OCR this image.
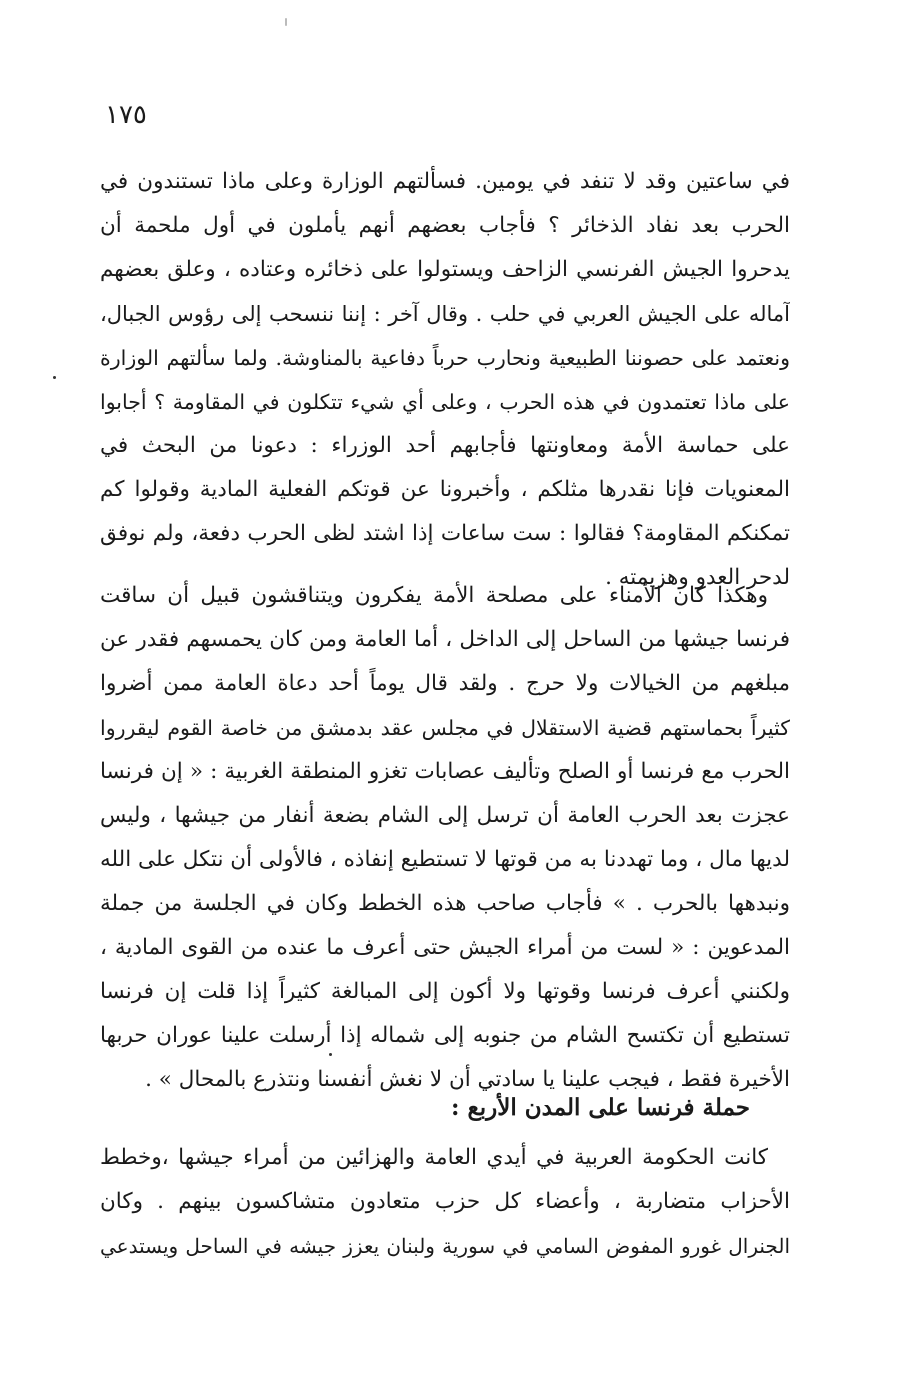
١٧٥
في ساعتين وقد لا تنفد في يومين. فسألتهم الوزارة وعلى ماذا تستندون في
الحرب بعد نفاد الذخائر ؟ فأجاب بعضهم أنهم يأملون في أول ملحمة أن
يدحروا الجيش الفرنسي الزاحف ويستولوا على ذخائره وعتاده ، وعلق بعضهم
آماله على الجيش العربي في حلب . وقال آخر : إننا ننسحب إلى رؤوس الجبال،
ونعتمد على حصوننا الطبيعية ونحارب حرباً دفاعية بالمناوشة. ولما سألتهم الوزارة
على ماذا تعتمدون في هذه الحرب ، وعلى أي شيء تتكلون في المقاومة ؟ أجابوا
على حماسة الأمة ومعاونتها فأجابهم أحد الوزراء : دعونا من البحث في
المعنويات فإنا نقدرها مثلكم ، وأخبرونا عن قوتكم الفعلية المادية وقولوا كم
تمكنكم المقاومة؟ فقالوا : ست ساعات إذا اشتد لظى الحرب دفعة، ولم نوفق
لدحر العدو وهزيمته .
وهكذا كان الأمناء على مصلحة الأمة يفكرون ويتناقشون قبيل أن ساقت
فرنسا جيشها من الساحل إلى الداخل ، أما العامة ومن كان يحمسهم فقدر عن
مبلغهم من الخيالات ولا حرج . ولقد قال يوماً أحد دعاة العامة ممن أضروا
كثيراً بحماستهم قضية الاستقلال في مجلس عقد بدمشق من خاصة القوم ليقرروا
الحرب مع فرنسا أو الصلح وتأليف عصابات تغزو المنطقة الغربية : « إن فرنسا
عجزت بعد الحرب العامة أن ترسل إلى الشام بضعة أنفار من جيشها ، وليس
لديها مال ، وما تهددنا به من قوتها لا تستطيع إنفاذه ، فالأولى أن نتكل على الله
ونبدهها بالحرب . » فأجاب صاحب هذه الخطط وكان في الجلسة من جملة
المدعوين : « لست من أمراء الجيش حتى أعرف ما عنده من القوى المادية ،
ولكنني أعرف فرنسا وقوتها ولا أكون إلى المبالغة كثيراً إذا قلت إن فرنسا
تستطيع أن تكتسح الشام من جنوبه إلى شماله إذا أرسلت علينا عوران حربها
الأخيرة فقط ، فيجب علينا يا سادتي أن لا نغش أنفسنا ونتذرع بالمحال » .
حملة فرنسا على المدن الأربع :
كانت الحكومة العربية في أيدي العامة والهزائين من أمراء جيشها ،وخطط
الأحزاب متضاربة ، وأعضاء كل حزب متعادون متشاكسون بينهم . وكان
الجنرال غورو المفوض السامي في سورية ولبنان يعزز جيشه في الساحل ويستدعي
